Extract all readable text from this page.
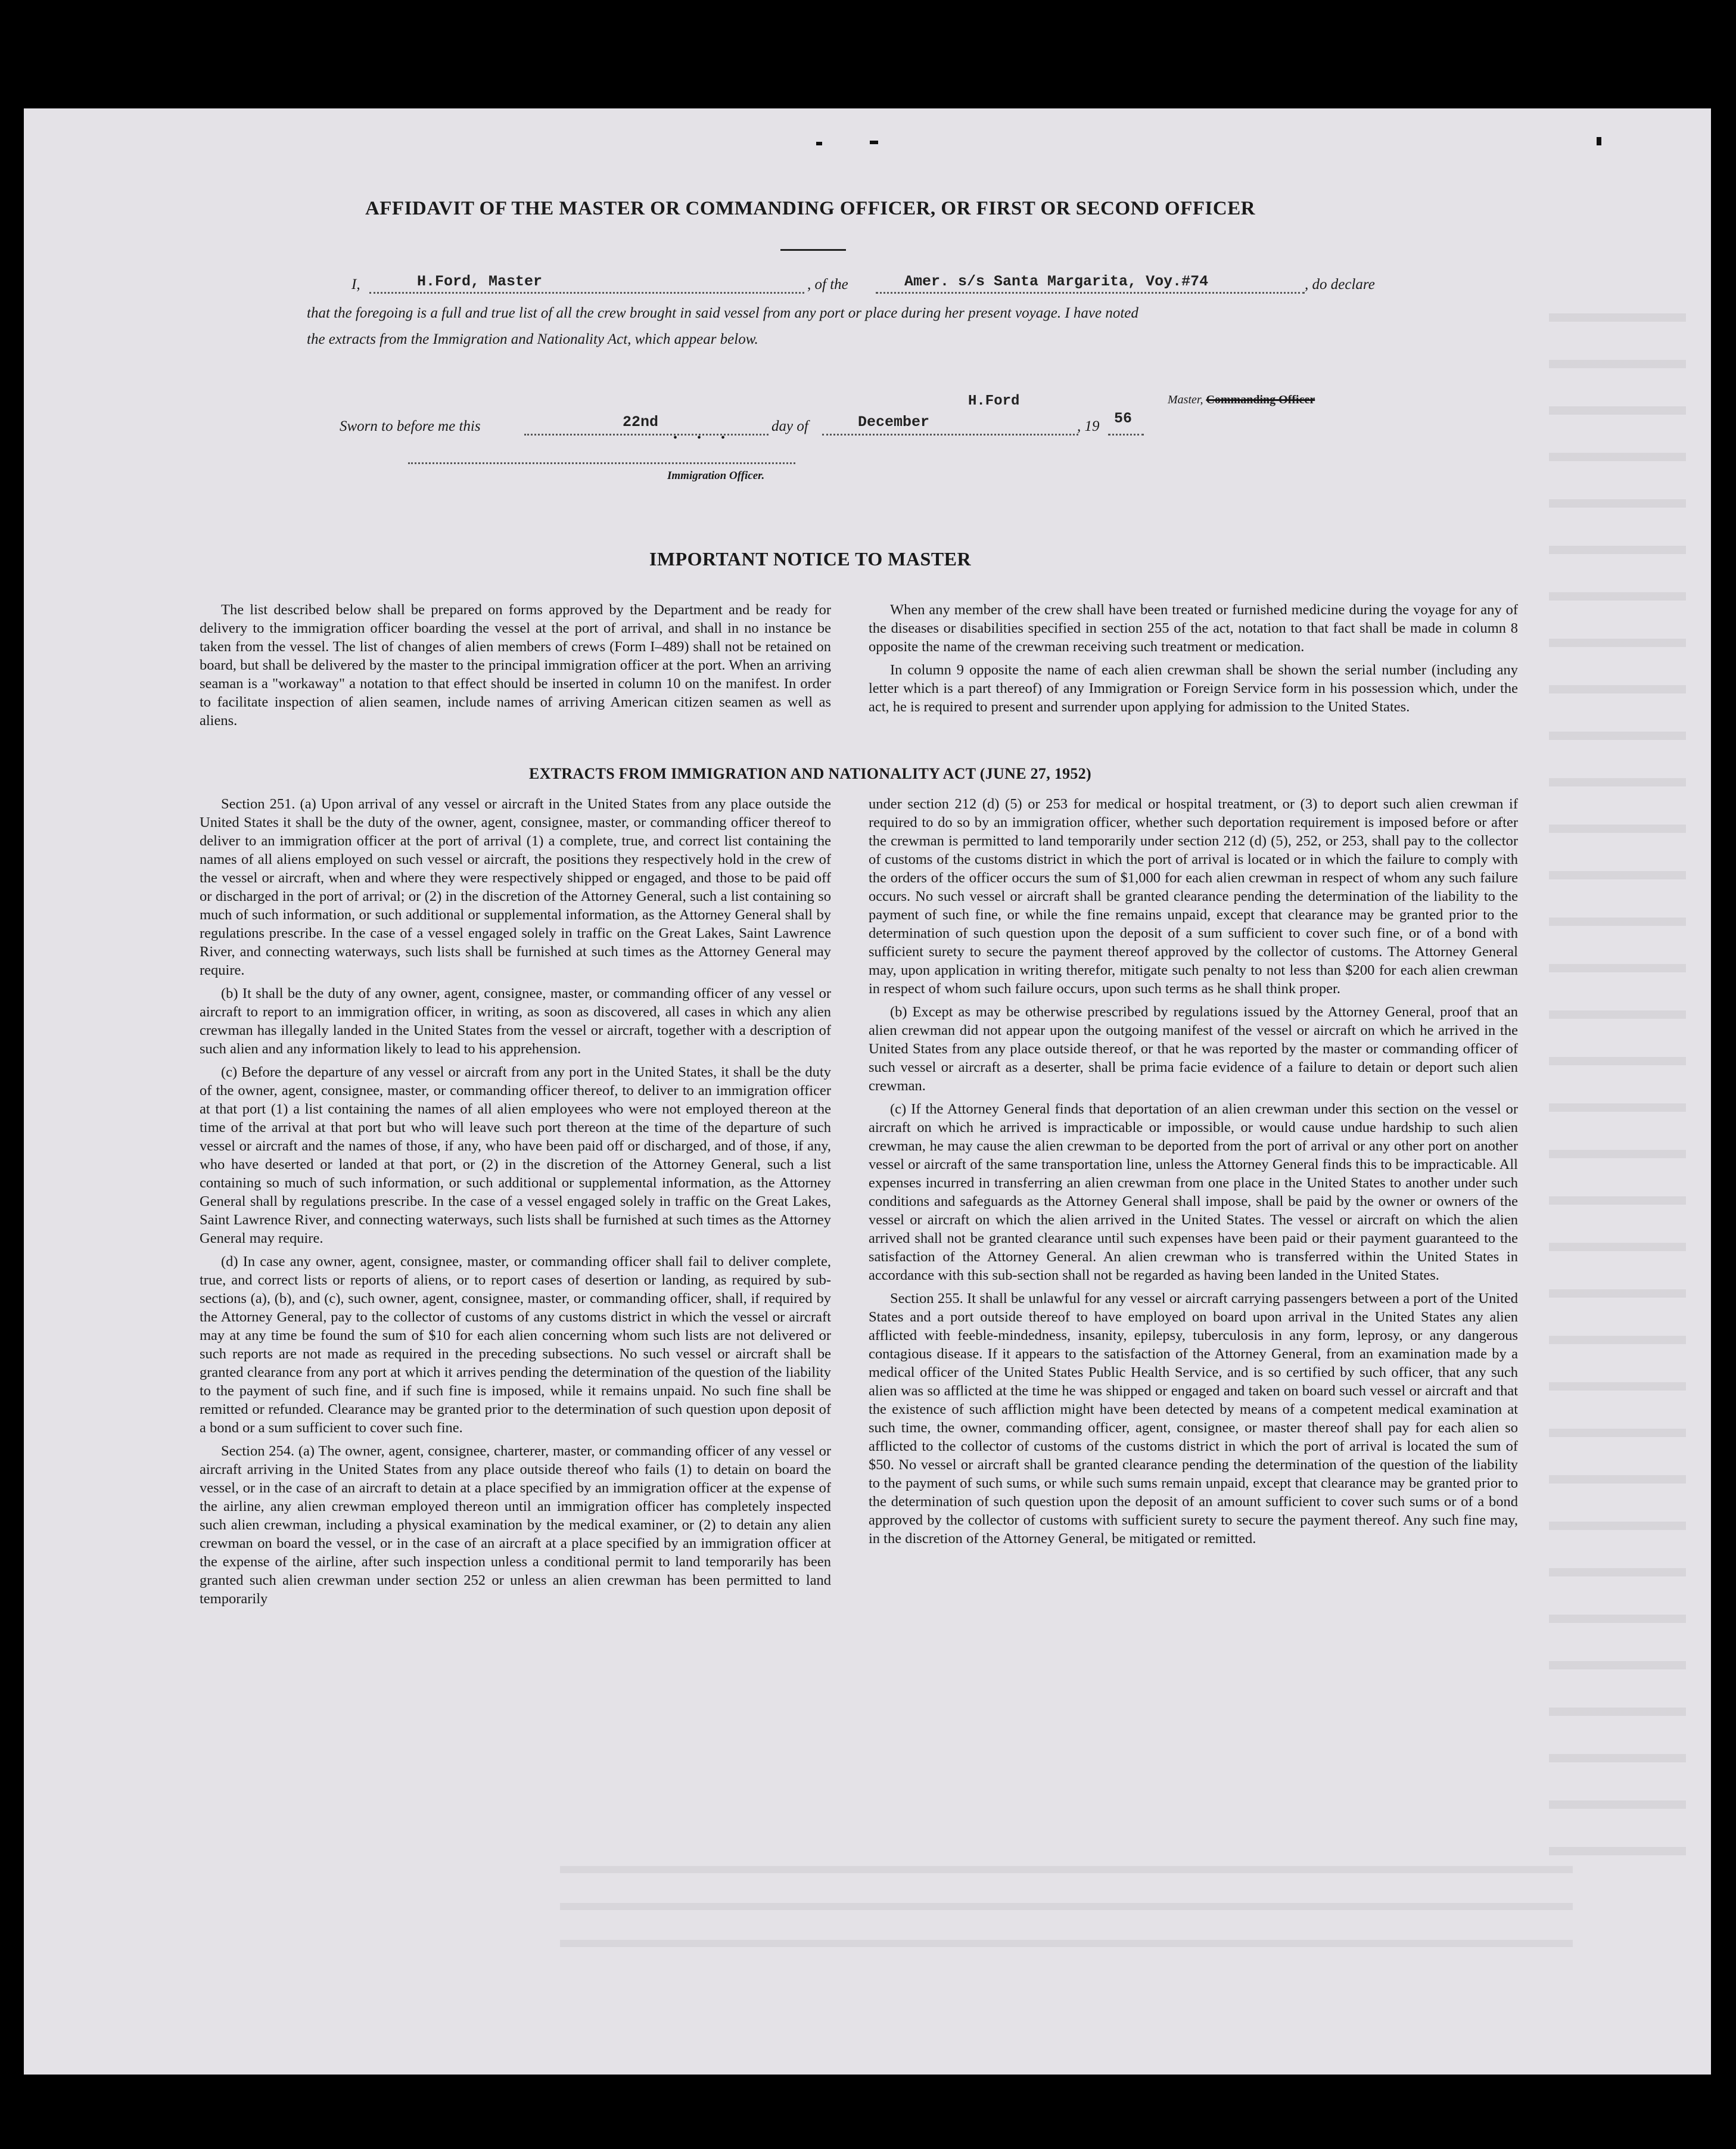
AFFIDAVIT OF THE MASTER OR COMMANDING OFFICER, OR FIRST OR SECOND OFFICER
I,	H.Ford, Master	, of the	Amer. s/s Santa Margarita, Voy.#74	, do declare
that the foregoing is a full and true list of all the crew brought in said vessel from any port or place during her present voyage. I have noted
the extracts from the Immigration and Nationality Act, which appear below.
Master, Commanding Officer
H.Ford
Sworn to before me this	22nd
• • •
day of	December	, 19 56
Immigration Officer.
IMPORTANT NOTICE TO MASTER

The list described below shall be prepared on forms approved by the Department and be ready for delivery to the immigration officer boarding the vessel at the port of arrival, and shall in no instance be taken from the vessel. The list of changes of alien members of crews (Form I–489) shall not be retained on board, but shall be delivered by the master to the principal immigration officer at the port. When an arriving seaman is a "workaway" a notation to that effect should be inserted in column 10 on the manifest. In order to facilitate inspection of alien seamen, include names of arriving American citizen seamen as well as aliens.

When any member of the crew shall have been treated or furnished medicine during the voyage for any of the diseases or disabilities specified in section 255 of the act, notation to that fact shall be made in column 8 opposite the name of the crewman receiving such treatment or medication.

In column 9 opposite the name of each alien crewman shall be shown the serial number (including any letter which is a part thereof) of any Immigration or Foreign Service form in his possession which, under the act, he is required to present and surrender upon applying for admission to the United States.

EXTRACTS FROM IMMIGRATION AND NATIONALITY ACT (JUNE 27, 1952)

Section 251. (a) Upon arrival of any vessel or aircraft in the United States from any place outside the United States it shall be the duty of the owner, agent, consignee, master, or commanding officer thereof to deliver to an immigration officer at the port of arrival (1) a complete, true, and correct list containing the names of all aliens employed on such vessel or aircraft, the positions they respectively hold in the crew of the vessel or aircraft, when and where they were respectively shipped or engaged, and those to be paid off or discharged in the port of arrival; or (2) in the discretion of the Attorney General, such a list containing so much of such information, or such additional or supplemental information, as the Attorney General shall by regulations prescribe. In the case of a vessel engaged solely in traffic on the Great Lakes, Saint Lawrence River, and connecting waterways, such lists shall be furnished at such times as the Attorney General may require.

(b) It shall be the duty of any owner, agent, consignee, master, or commanding officer of any vessel or aircraft to report to an immigration officer, in writing, as soon as discovered, all cases in which any alien crewman has illegally landed in the United States from the vessel or aircraft, together with a description of such alien and any information likely to lead to his apprehension.

(c) Before the departure of any vessel or aircraft from any port in the United States, it shall be the duty of the owner, agent, consignee, master, or commanding officer thereof, to deliver to an immigration officer at that port (1) a list containing the names of all alien employees who were not employed thereon at the time of the arrival at that port but who will leave such port thereon at the time of the departure of such vessel or aircraft and the names of those, if any, who have been paid off or discharged, and of those, if any, who have deserted or landed at that port, or (2) in the discretion of the Attorney General, such a list containing so much of such information, or such additional or supplemental information, as the Attorney General shall by regulations prescribe. In the case of a vessel engaged solely in traffic on the Great Lakes, Saint Lawrence River, and connecting waterways, such lists shall be furnished at such times as the Attorney General may require.

(d) In case any owner, agent, consignee, master, or commanding officer shall fail to deliver complete, true, and correct lists or reports of aliens, or to report cases of desertion or landing, as required by sub-sections (a), (b), and (c), such owner, agent, consignee, master, or commanding officer, shall, if required by the Attorney General, pay to the collector of customs of any customs district in which the vessel or aircraft may at any time be found the sum of $10 for each alien concerning whom such lists are not delivered or such reports are not made as required in the preceding subsections. No such vessel or aircraft shall be granted clearance from any port at which it arrives pending the determination of the question of the liability to the payment of such fine, and if such fine is imposed, while it remains unpaid. No such fine shall be remitted or refunded. Clearance may be granted prior to the determination of such question upon deposit of a bond or a sum sufficient to cover such fine.

Section 254. (a) The owner, agent, consignee, charterer, master, or commanding officer of any vessel or aircraft arriving in the United States from any place outside thereof who fails (1) to detain on board the vessel, or in the case of an aircraft to detain at a place specified by an immigration officer at the expense of the airline, any alien crewman employed thereon until an immigration officer has completely inspected such alien crewman, including a physical examination by the medical examiner, or (2) to detain any alien crewman on board the vessel, or in the case of an aircraft at a place specified by an immigration officer at the expense of the airline, after such inspection unless a conditional permit to land temporarily has been granted such alien crewman under section 252 or unless an alien crewman has been permitted to land temporarily

under section 212 (d) (5) or 253 for medical or hospital treatment, or (3) to deport such alien crewman if required to do so by an immigration officer, whether such deportation requirement is imposed before or after the crewman is permitted to land temporarily under section 212 (d) (5), 252, or 253, shall pay to the collector of customs of the customs district in which the port of arrival is located or in which the failure to comply with the orders of the officer occurs the sum of $1,000 for each alien crewman in respect of whom any such failure occurs. No such vessel or aircraft shall be granted clearance pending the determination of the liability to the payment of such fine, or while the fine remains unpaid, except that clearance may be granted prior to the determination of such question upon the deposit of a sum sufficient to cover such fine, or of a bond with sufficient surety to secure the payment thereof approved by the collector of customs. The Attorney General may, upon application in writing therefor, mitigate such penalty to not less than $200 for each alien crewman in respect of whom such failure occurs, upon such terms as he shall think proper.

(b) Except as may be otherwise prescribed by regulations issued by the Attorney General, proof that an alien crewman did not appear upon the outgoing manifest of the vessel or aircraft on which he arrived in the United States from any place outside thereof, or that he was reported by the master or commanding officer of such vessel or aircraft as a deserter, shall be prima facie evidence of a failure to detain or deport such alien crewman.

(c) If the Attorney General finds that deportation of an alien crewman under this section on the vessel or aircraft on which he arrived is impracticable or impossible, or would cause undue hardship to such alien crewman, he may cause the alien crewman to be deported from the port of arrival or any other port on another vessel or aircraft of the same transportation line, unless the Attorney General finds this to be impracticable. All expenses incurred in transferring an alien crewman from one place in the United States to another under such conditions and safeguards as the Attorney General shall impose, shall be paid by the owner or owners of the vessel or aircraft on which the alien arrived in the United States. The vessel or aircraft on which the alien arrived shall not be granted clearance until such expenses have been paid or their payment guaranteed to the satisfaction of the Attorney General. An alien crewman who is transferred within the United States in accordance with this sub-section shall not be regarded as having been landed in the United States.

Section 255. It shall be unlawful for any vessel or aircraft carrying passengers between a port of the United States and a port outside thereof to have employed on board upon arrival in the United States any alien afflicted with feeble-mindedness, insanity, epilepsy, tuberculosis in any form, leprosy, or any dangerous contagious disease. If it appears to the satisfaction of the Attorney General, from an examination made by a medical officer of the United States Public Health Service, and is so certified by such officer, that any such alien was so afflicted at the time he was shipped or engaged and taken on board such vessel or aircraft and that the existence of such affliction might have been detected by means of a competent medical examination at such time, the owner, commanding officer, agent, consignee, or master thereof shall pay for each alien so afflicted to the collector of customs of the customs district in which the port of arrival is located the sum of $50. No vessel or aircraft shall be granted clearance pending the determination of the question of the liability to the payment of such sums, or while such sums remain unpaid, except that clearance may be granted prior to the determination of such question upon the deposit of an amount sufficient to cover such sums or of a bond approved by the collector of customs with sufficient surety to secure the payment thereof. Any such fine may, in the discretion of the Attorney General, be mitigated or remitted.
